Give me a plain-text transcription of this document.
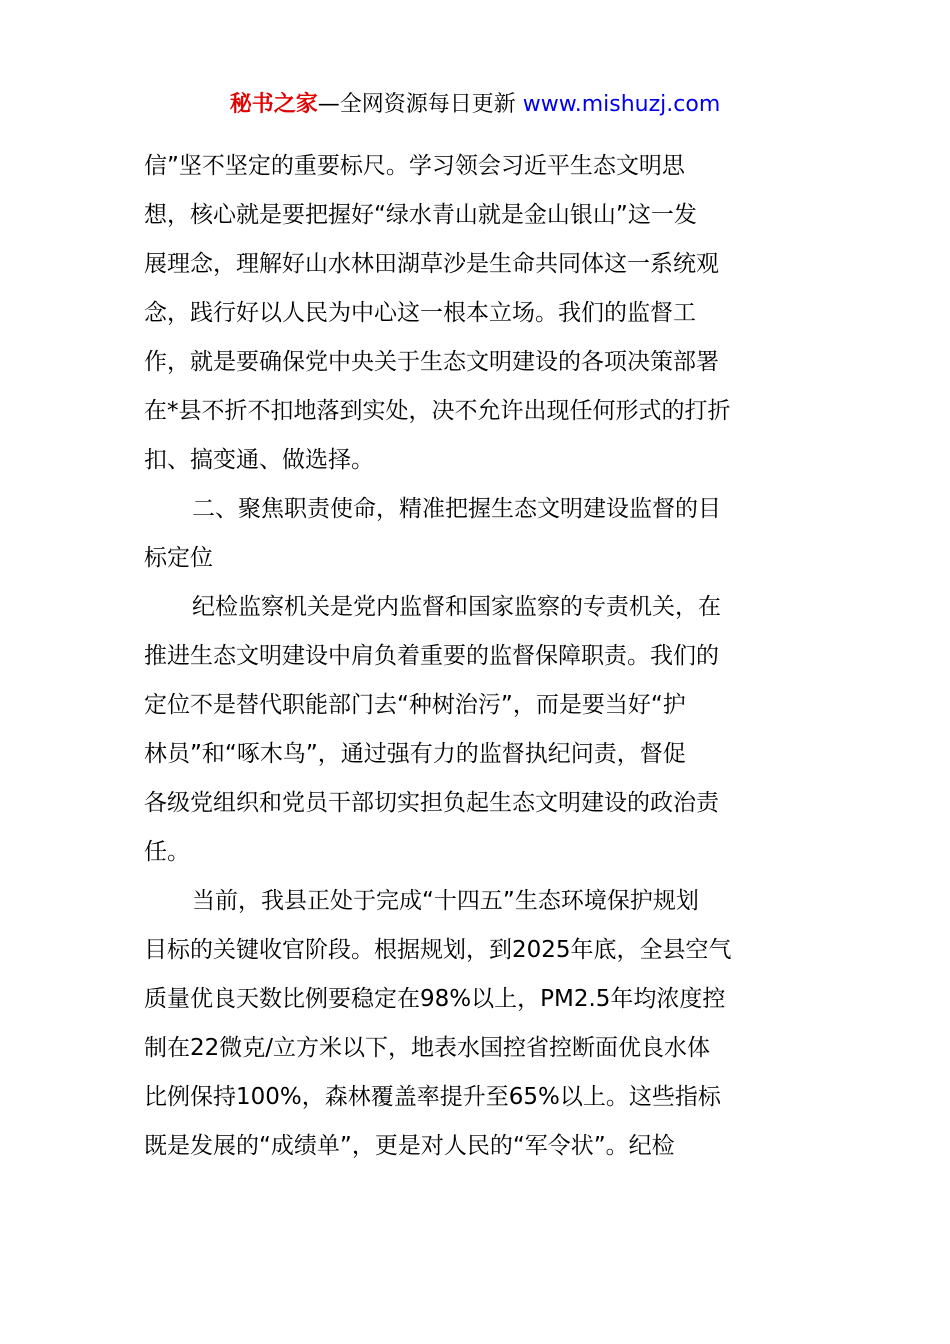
秘书之家—全网资源每日更新 www.mishuzj.com
信”坚不坚定的重要标尺。学习领会习近平生态文明思
想，核心就是要把握好“绿水青山就是金山银山”这一发
展理念，理解好山水林田湖草沙是生命共同体这一系统观
念，践行好以人民为中心这一根本立场。我们的监督工
作，就是要确保党中央关于生态文明建设的各项决策部署
在*县不折不扣地落到实处，决不允许出现任何形式的打折
扣、搞变通、做选择。
二、聚焦职责使命，精准把握生态文明建设监督的目
标定位
纪检监察机关是党内监督和国家监察的专责机关，在
推进生态文明建设中肩负着重要的监督保障职责。我们的
定位不是替代职能部门去“种树治污”，而是要当好“护
林员”和“啄木鸟”，通过强有力的监督执纪问责，督促
各级党组织和党员干部切实担负起生态文明建设的政治责
任。
当前，我县正处于完成“十四五”生态环境保护规划
目标的关键收官阶段。根据规划，到2025年底，全县空气
质量优良天数比例要稳定在98%以上，PM2.5年均浓度控
制在22微克/立方米以下，地表水国控省控断面优良水体
比例保持100%，森林覆盖率提升至65%以上。这些指标
既是发展的“成绩单”，更是对人民的“军令状”。纪检
